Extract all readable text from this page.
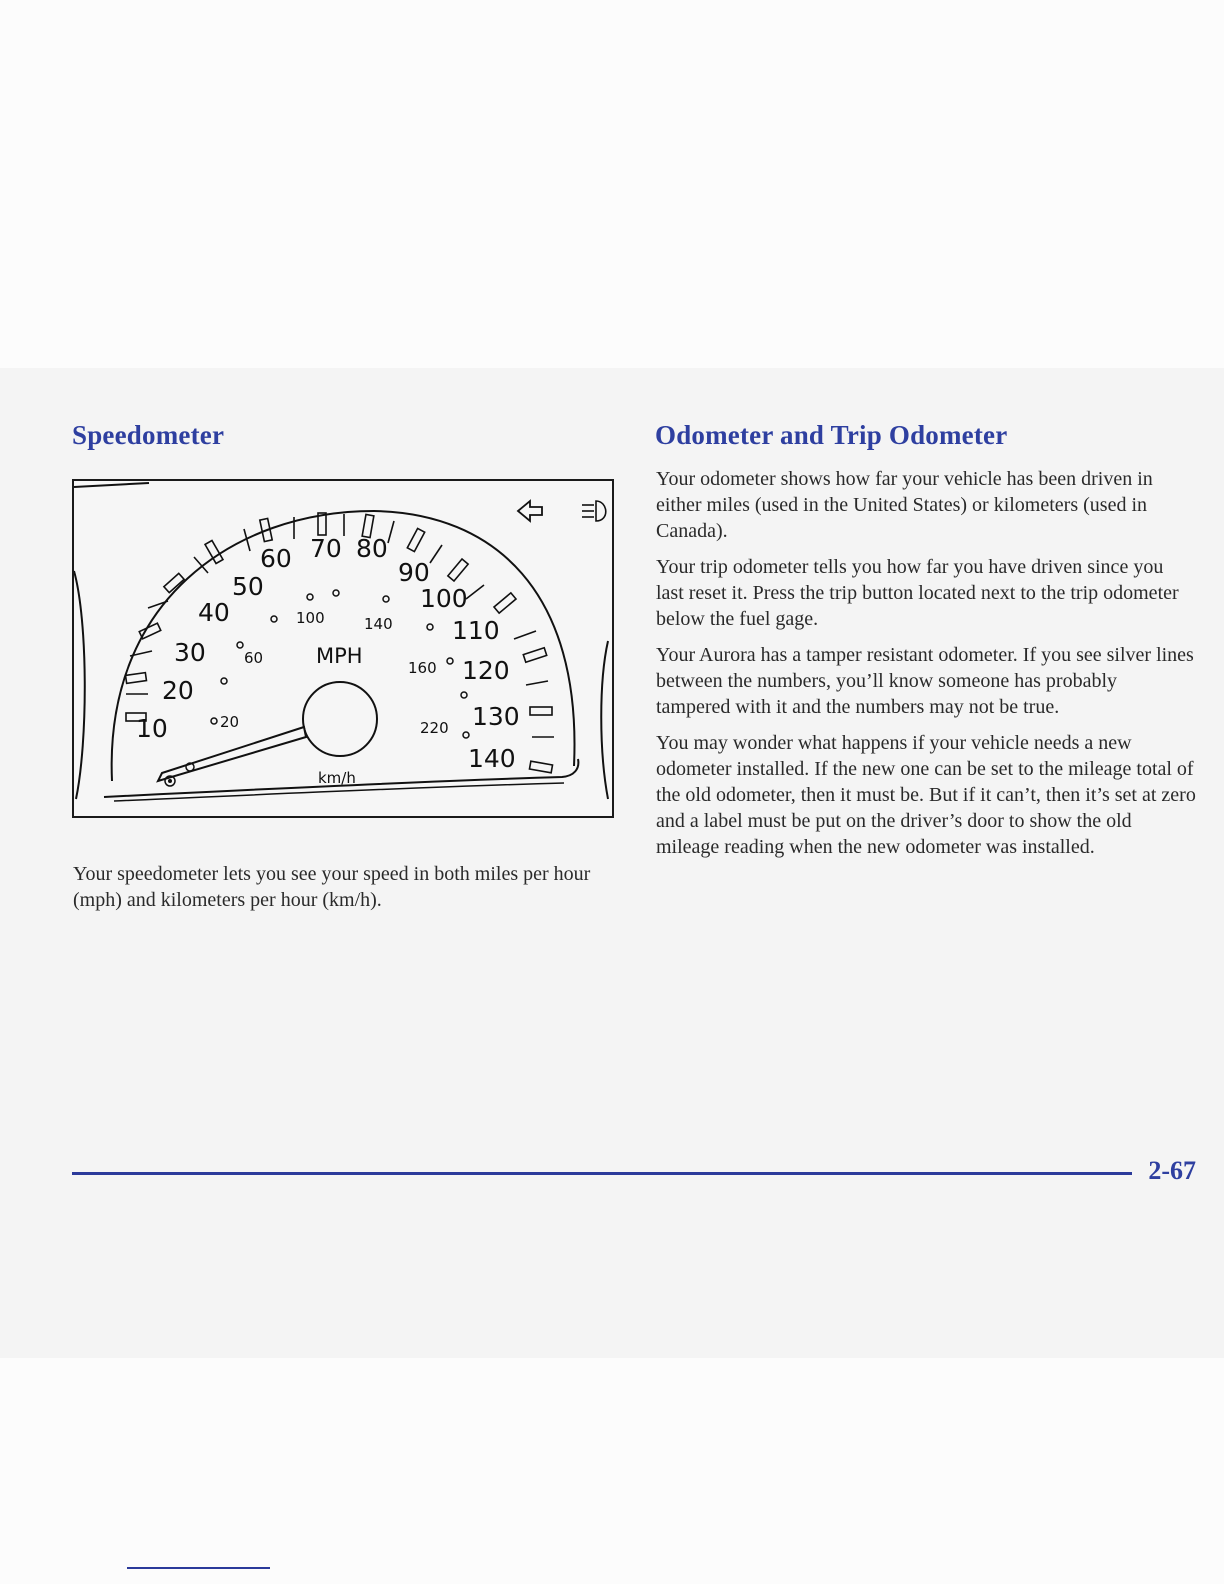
Speedometer
10
20
30
40
50
60 70 80
90
100
110
120
130
140
20
60
100	140
160
220
MPH
km/h

Your speedometer lets you see your speed in both miles per hour (mph) and kilometers per hour (km/h).

Odometer and Trip Odometer

Your odometer shows how far your vehicle has been driven in either miles (used in the United States) or kilometers (used in Canada).

Your trip odometer tells you how far you have driven since you last reset it. Press the trip button located next to the trip odometer below the fuel gage.

Your Aurora has a tamper resistant odometer. If you see silver lines between the numbers, you’ll know someone has probably tampered with it and the numbers may not be true.

You may wonder what happens if your vehicle needs a new odometer installed. If the new one can be set to the mileage total of the old odometer, then it must be. But if it can’t, then it’s set at zero and a label must be put on the driver’s door to show the old mileage reading when the new odometer was installed.

2-67
